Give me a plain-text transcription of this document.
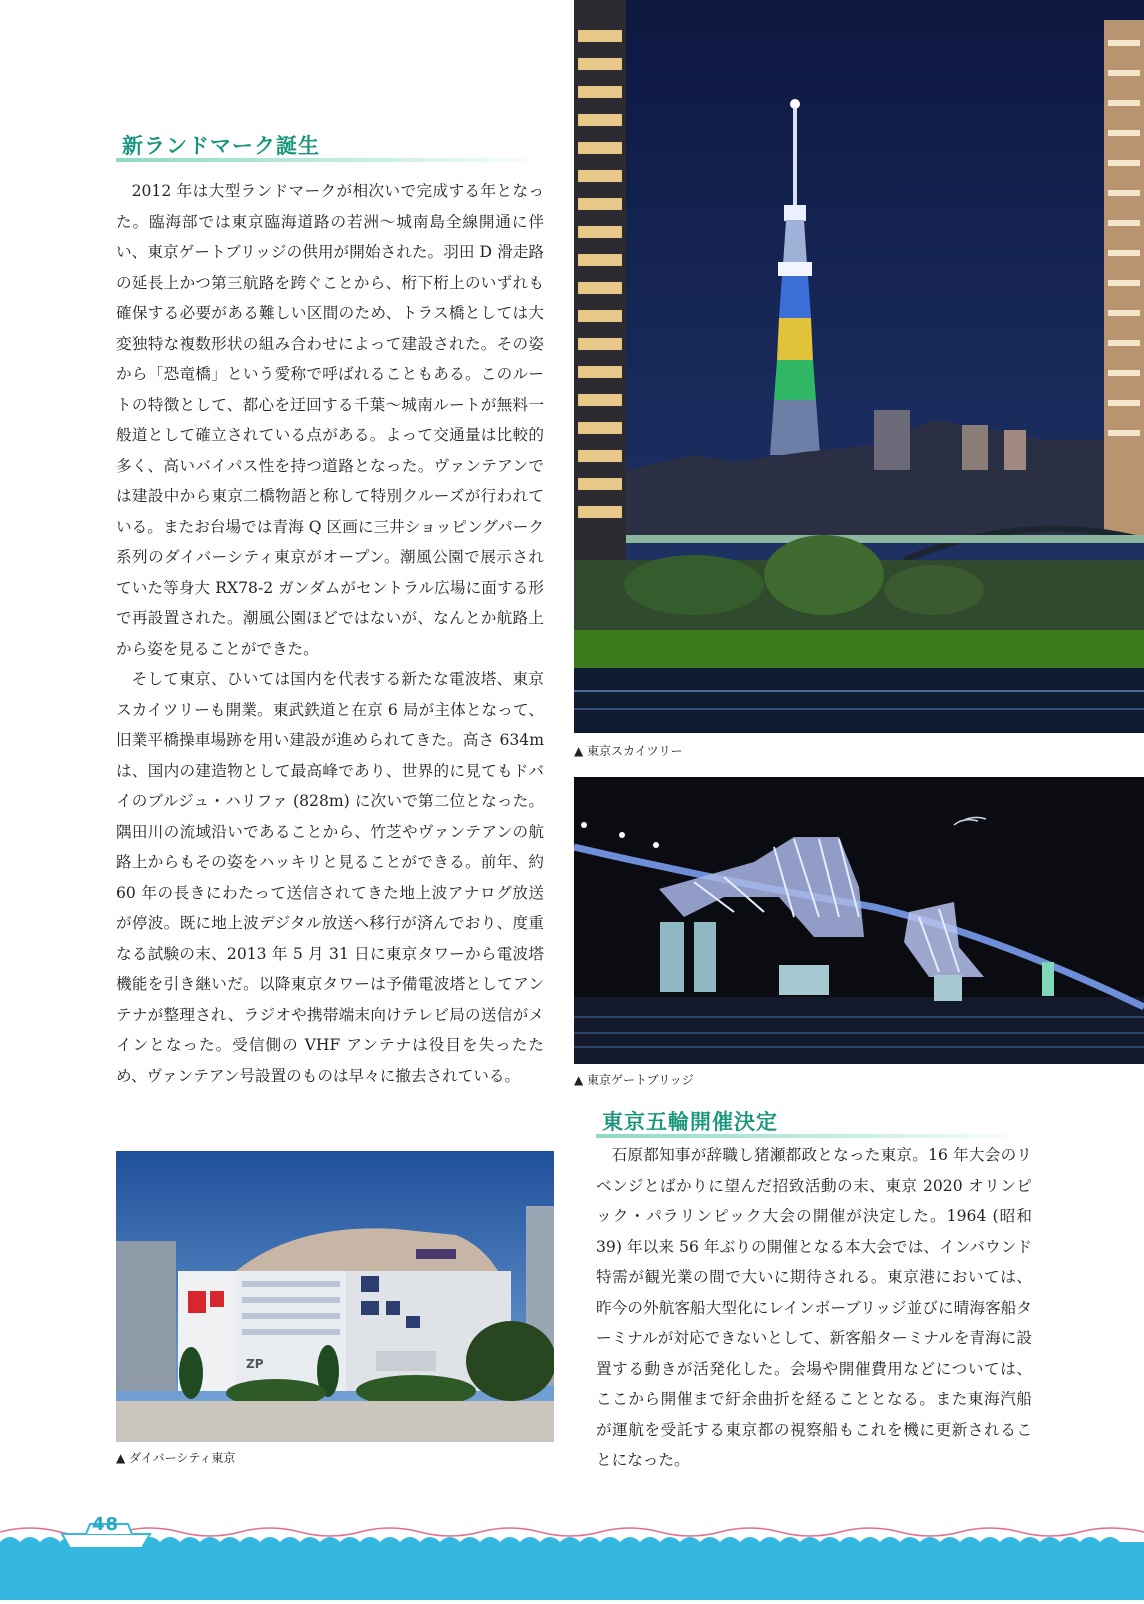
新ランドマーク誕生

2012 年は大型ランドマークが相次いで完成する年となった。臨海部では東京臨海道路の若洲〜城南島全線開通に伴い、東京ゲートブリッジの供用が開始された。羽田 D 滑走路の延長上かつ第三航路を跨ぐことから、桁下桁上のいずれも確保する必要がある難しい区間のため、トラス橋としては大変独特な複数形状の組み合わせによって建設された。その姿から「恐竜橋」という愛称で呼ばれることもある。このルートの特徴として、都心を迂回する千葉〜城南ルートが無料一般道として確立されている点がある。よって交通量は比較的多く、高いバイパス性を持つ道路となった。ヴァンテアンでは建設中から東京二橋物語と称して特別クルーズが行われている。またお台場では青海 Q 区画に三井ショッピングパーク系列のダイバーシティ東京がオープン。潮風公園で展示されていた等身大 RX78-2 ガンダムがセントラル広場に面する形で再設置された。潮風公園ほどではないが、なんとか航路上から姿を見ることができた。

そして東京、ひいては国内を代表する新たな電波塔、東京スカイツリーも開業。東武鉄道と在京 6 局が主体となって、旧業平橋操車場跡を用い建設が進められてきた。高さ 634m は、国内の建造物として最高峰であり、世界的に見てもドバイのブルジュ・ハリファ (828m) に次いで第二位となった。隅田川の流域沿いであることから、竹芝やヴァンテアンの航路上からもその姿をハッキリと見ることができる。前年、約 60 年の長きにわたって送信されてきた地上波アナログ放送が停波。既に地上波デジタル放送へ移行が済んでおり、度重なる試験の末、2013 年 5 月 31 日に東京タワーから電波塔機能を引き継いだ。以降東京タワーは予備電波塔としてアンテナが整理され、ラジオや携帯端末向けテレビ局の送信がメインとなった。受信側の VHF アンテナは役目を失ったため、ヴァンテアン号設置のものは早々に撤去されている。

▲ 東京スカイツリー
▲ 東京ゲートブリッジ
東京五輪開催決定

石原都知事が辞職し猪瀬都政となった東京。16 年大会のリベンジとばかりに望んだ招致活動の末、東京 2020 オリンピック・パラリンピック大会の開催が決定した。1964 (昭和 39) 年以来 56 年ぶりの開催となる本大会では、インバウンド特需が観光業の間で大いに期待される。東京港においては、昨今の外航客船大型化にレインボーブリッジ並びに晴海客船ターミナルが対応できないとして、新客船ターミナルを青海に設置する動きが活発化した。会場や開催費用などについては、ここから開催まで紆余曲折を経ることとなる。また東海汽船が運航を受託する東京都の視察船もこれを機に更新されることになった。

ZP
▲ ダイバーシティ東京
48
